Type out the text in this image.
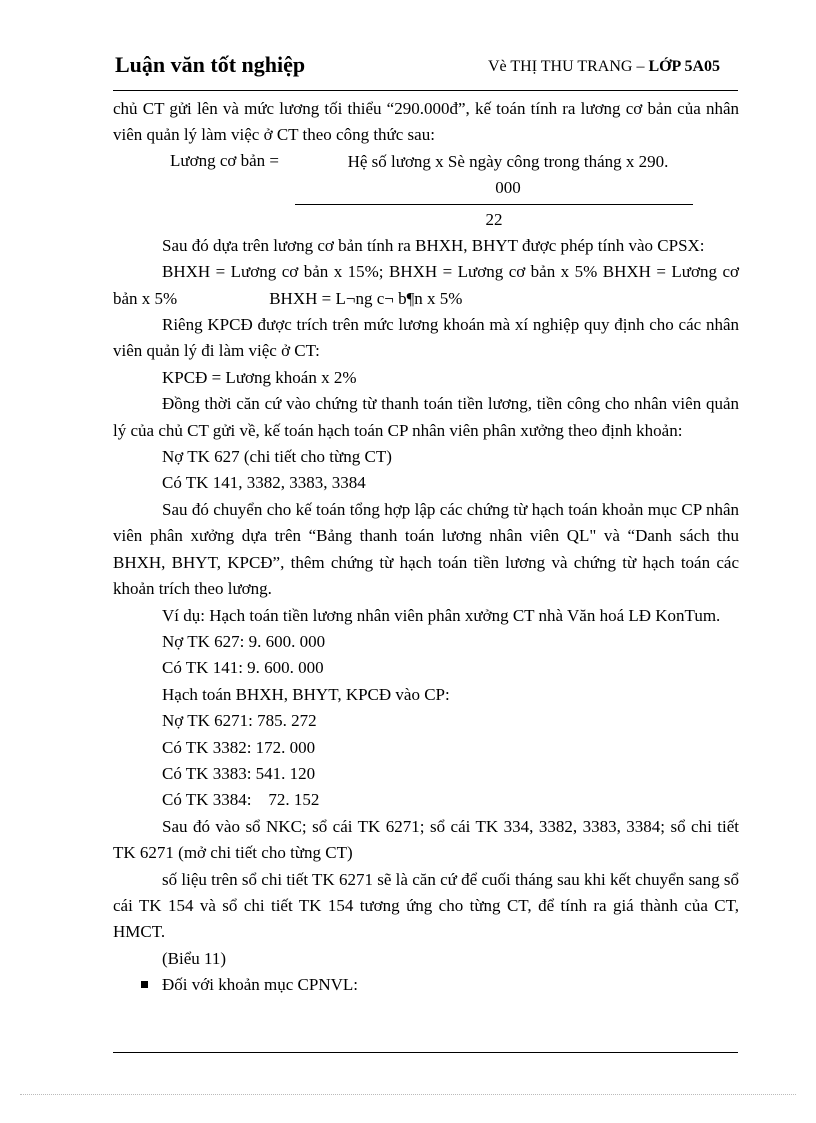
Luận văn tốt nghiệp	Vè THỊ THU TRANG – LỚP 5A05

chủ CT gửi lên và mức lương tối thiểu “290.000đ”, kế toán tính ra lương cơ bản của nhân viên quản lý làm việc ở CT theo công thức sau:

Lương cơ bản =	Hệ số lương x Sè ngày công trong tháng x 290.
000
22

Sau đó dựa trên lương cơ bản tính ra BHXH, BHYT được phép tính vào CPSX:

BHXH = Lương cơ bản x 15%; BHXH = Lương cơ bản x 5% BHXH = Lương cơ bản x 5%	BHXH = L¬ng c¬ b¶n x 5%

Riêng KPCĐ được trích trên mức lương khoán mà xí nghiệp quy định cho các nhân viên quản lý đi làm việc ở CT:

KPCĐ = Lương khoán x 2%

Đồng thời căn cứ vào chứng từ thanh toán tiền lương, tiền công cho nhân viên quản lý của chủ CT gửi về, kế toán hạch toán CP nhân viên phân xưởng theo định khoản:

Nợ TK 627 (chi tiết cho từng CT)

Có TK 141, 3382, 3383, 3384

Sau đó chuyển cho kế toán tổng hợp lập các chứng từ hạch toán khoản mục CP nhân viên phân xưởng dựa trên “Bảng thanh toán lương nhân viên QL" và “Danh sách thu BHXH, BHYT, KPCĐ”, thêm chứng từ hạch toán tiền lương và chứng từ hạch toán các khoản trích theo lương.

Ví dụ: Hạch toán tiền lương nhân viên phân xưởng CT nhà Văn hoá LĐ KonTum.

Nợ TK 627: 9. 600. 000

Có TK 141: 9. 600. 000

Hạch toán BHXH, BHYT, KPCĐ vào CP:

Nợ TK 6271: 785. 272

Có TK 3382: 172. 000

Có TK 3383: 541. 120

Có TK 3384:    72. 152

Sau đó vào sổ NKC; sổ cái TK 6271; sổ cái TK 334, 3382, 3383, 3384; sổ chi tiết TK 6271 (mở chi tiết cho từng CT)

số liệu trên sổ chi tiết TK 6271 sẽ là căn cứ để cuối tháng sau khi kết chuyển sang sổ cái TK 154 và sổ chi tiết TK 154 tương ứng cho từng CT, để tính ra giá thành của CT, HMCT.

(Biểu 11)

Đối với khoản mục CPNVL:
